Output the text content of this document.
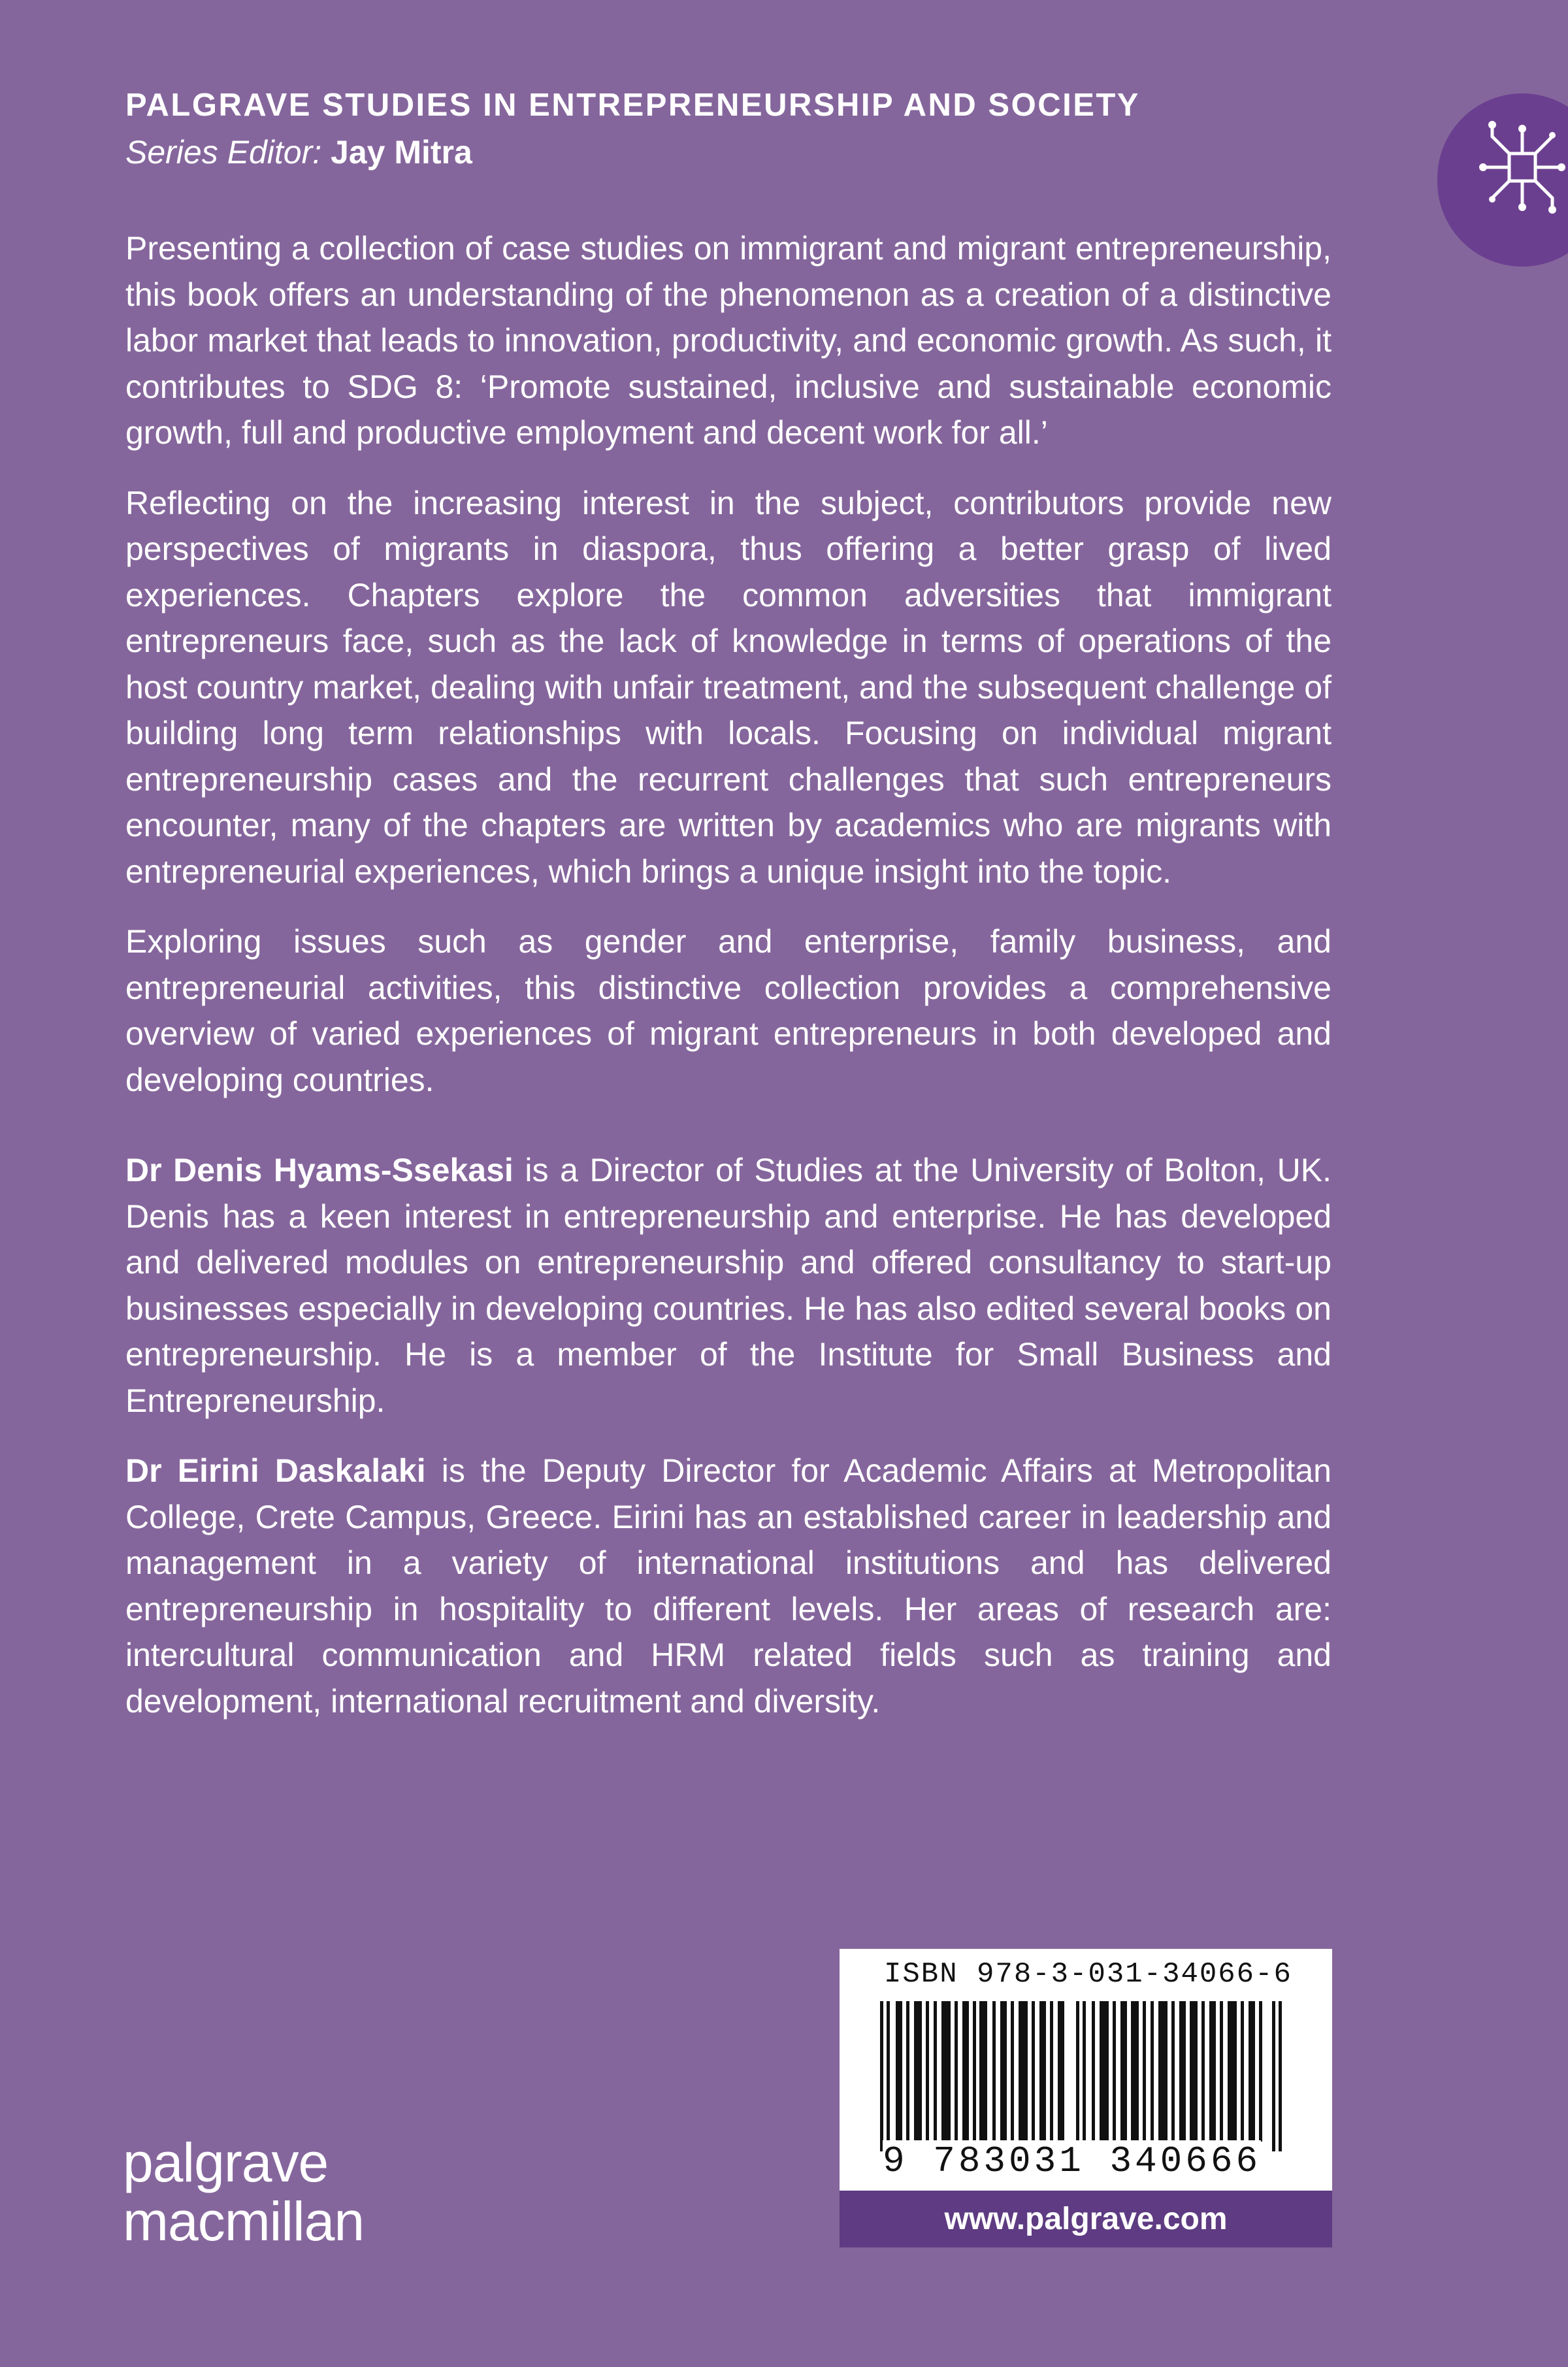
PALGRAVE STUDIES IN ENTREPRENEURSHIP AND SOCIETY
Series Editor: Jay Mitra

Presenting a collection of case studies on immigrant and migrant entrepreneurship, this book offers an understanding of the phenomenon as a creation of a distinctive labor market that leads to innovation, productivity, and economic growth. As such, it contributes to SDG 8: ‘Promote sustained, inclusive and sustainable economic growth, full and productive employment and decent work for all.’

Reflecting on the increasing interest in the subject, contributors provide new perspectives of migrants in diaspora, thus offering a better grasp of lived experiences. Chapters explore the common adversities that immigrant entrepreneurs face, such as the lack of knowledge in terms of operations of the host country market, dealing with unfair treatment, and the subsequent challenge of building long term relationships with locals. Focusing on individual migrant entrepreneurship cases and the recurrent challenges that such entrepreneurs encounter, many of the chapters are written by academics who are migrants with entrepreneurial experiences, which brings a unique insight into the topic.

Exploring issues such as gender and enterprise, family business, and entrepreneurial activities, this distinctive collection provides a comprehensive overview of varied experiences of migrant entrepreneurs in both developed and developing countries.

Dr Denis Hyams-Ssekasi is a Director of Studies at the University of Bolton, UK. Denis has a keen interest in entrepreneurship and enterprise. He has developed and delivered modules on entrepreneurship and offered consultancy to start-up businesses especially in developing countries. He has also edited several books on entrepreneurship. He is a member of the Institute for Small Business and Entrepreneurship.

Dr Eirini Daskalaki is the Deputy Director for Academic Affairs at Metropolitan College, Crete Campus, Greece. Eirini has an established career in leadership and management in a variety of international institutions and has delivered entrepreneurship in hospitality to different levels. Her areas of research are: intercultural communication and HRM related fields such as training and development, international recruitment and diversity.

palgrave
macmillan
ISBN 978-3-031-34066-6
9 783031 340666
www.palgrave.com
